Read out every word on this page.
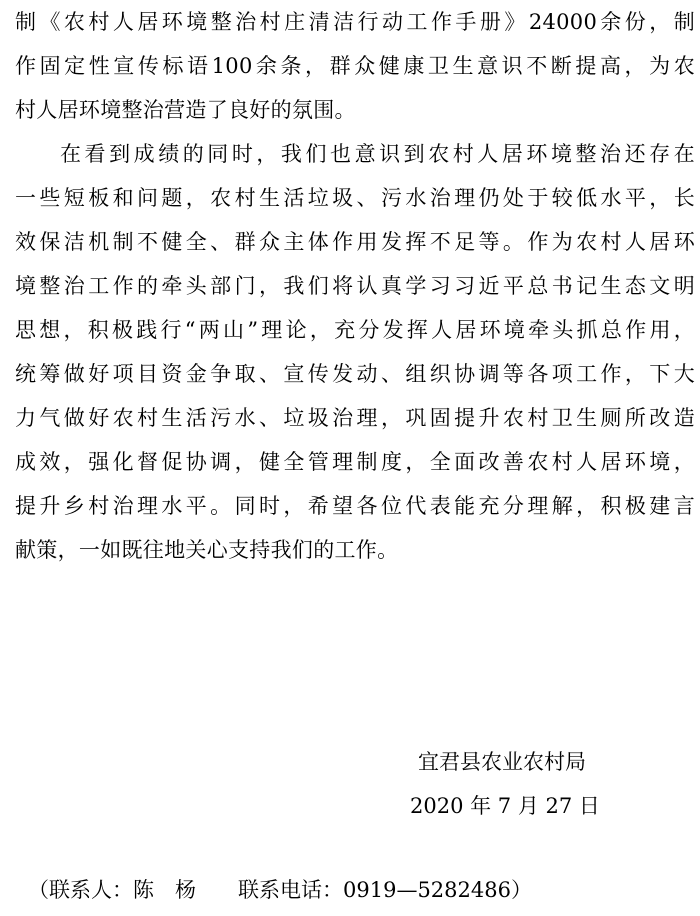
制《农村人居环境整治村庄清洁行动工作手册》24000余份，制
作固定性宣传标语100余条，群众健康卫生意识不断提高，为农
村人居环境整治营造了良好的氛围。
在看到成绩的同时，我们也意识到农村人居环境整治还存在
一些短板和问题，农村生活垃圾、污水治理仍处于较低水平，长
效保洁机制不健全、群众主体作用发挥不足等。作为农村人居环
境整治工作的牵头部门，我们将认真学习习近平总书记生态文明
思想，积极践行“两山”理论，充分发挥人居环境牵头抓总作用，
统筹做好项目资金争取、宣传发动、组织协调等各项工作，下大
力气做好农村生活污水、垃圾治理，巩固提升农村卫生厕所改造
成效，强化督促协调，健全管理制度，全面改善农村人居环境，
提升乡村治理水平。同时，希望各位代表能充分理解，积极建言
献策，一如既往地关心支持我们的工作。
宜君县农业农村局
2020 年 7 月 27 日
（联系人：陈　杨　　联系电话：0919—5282486）
